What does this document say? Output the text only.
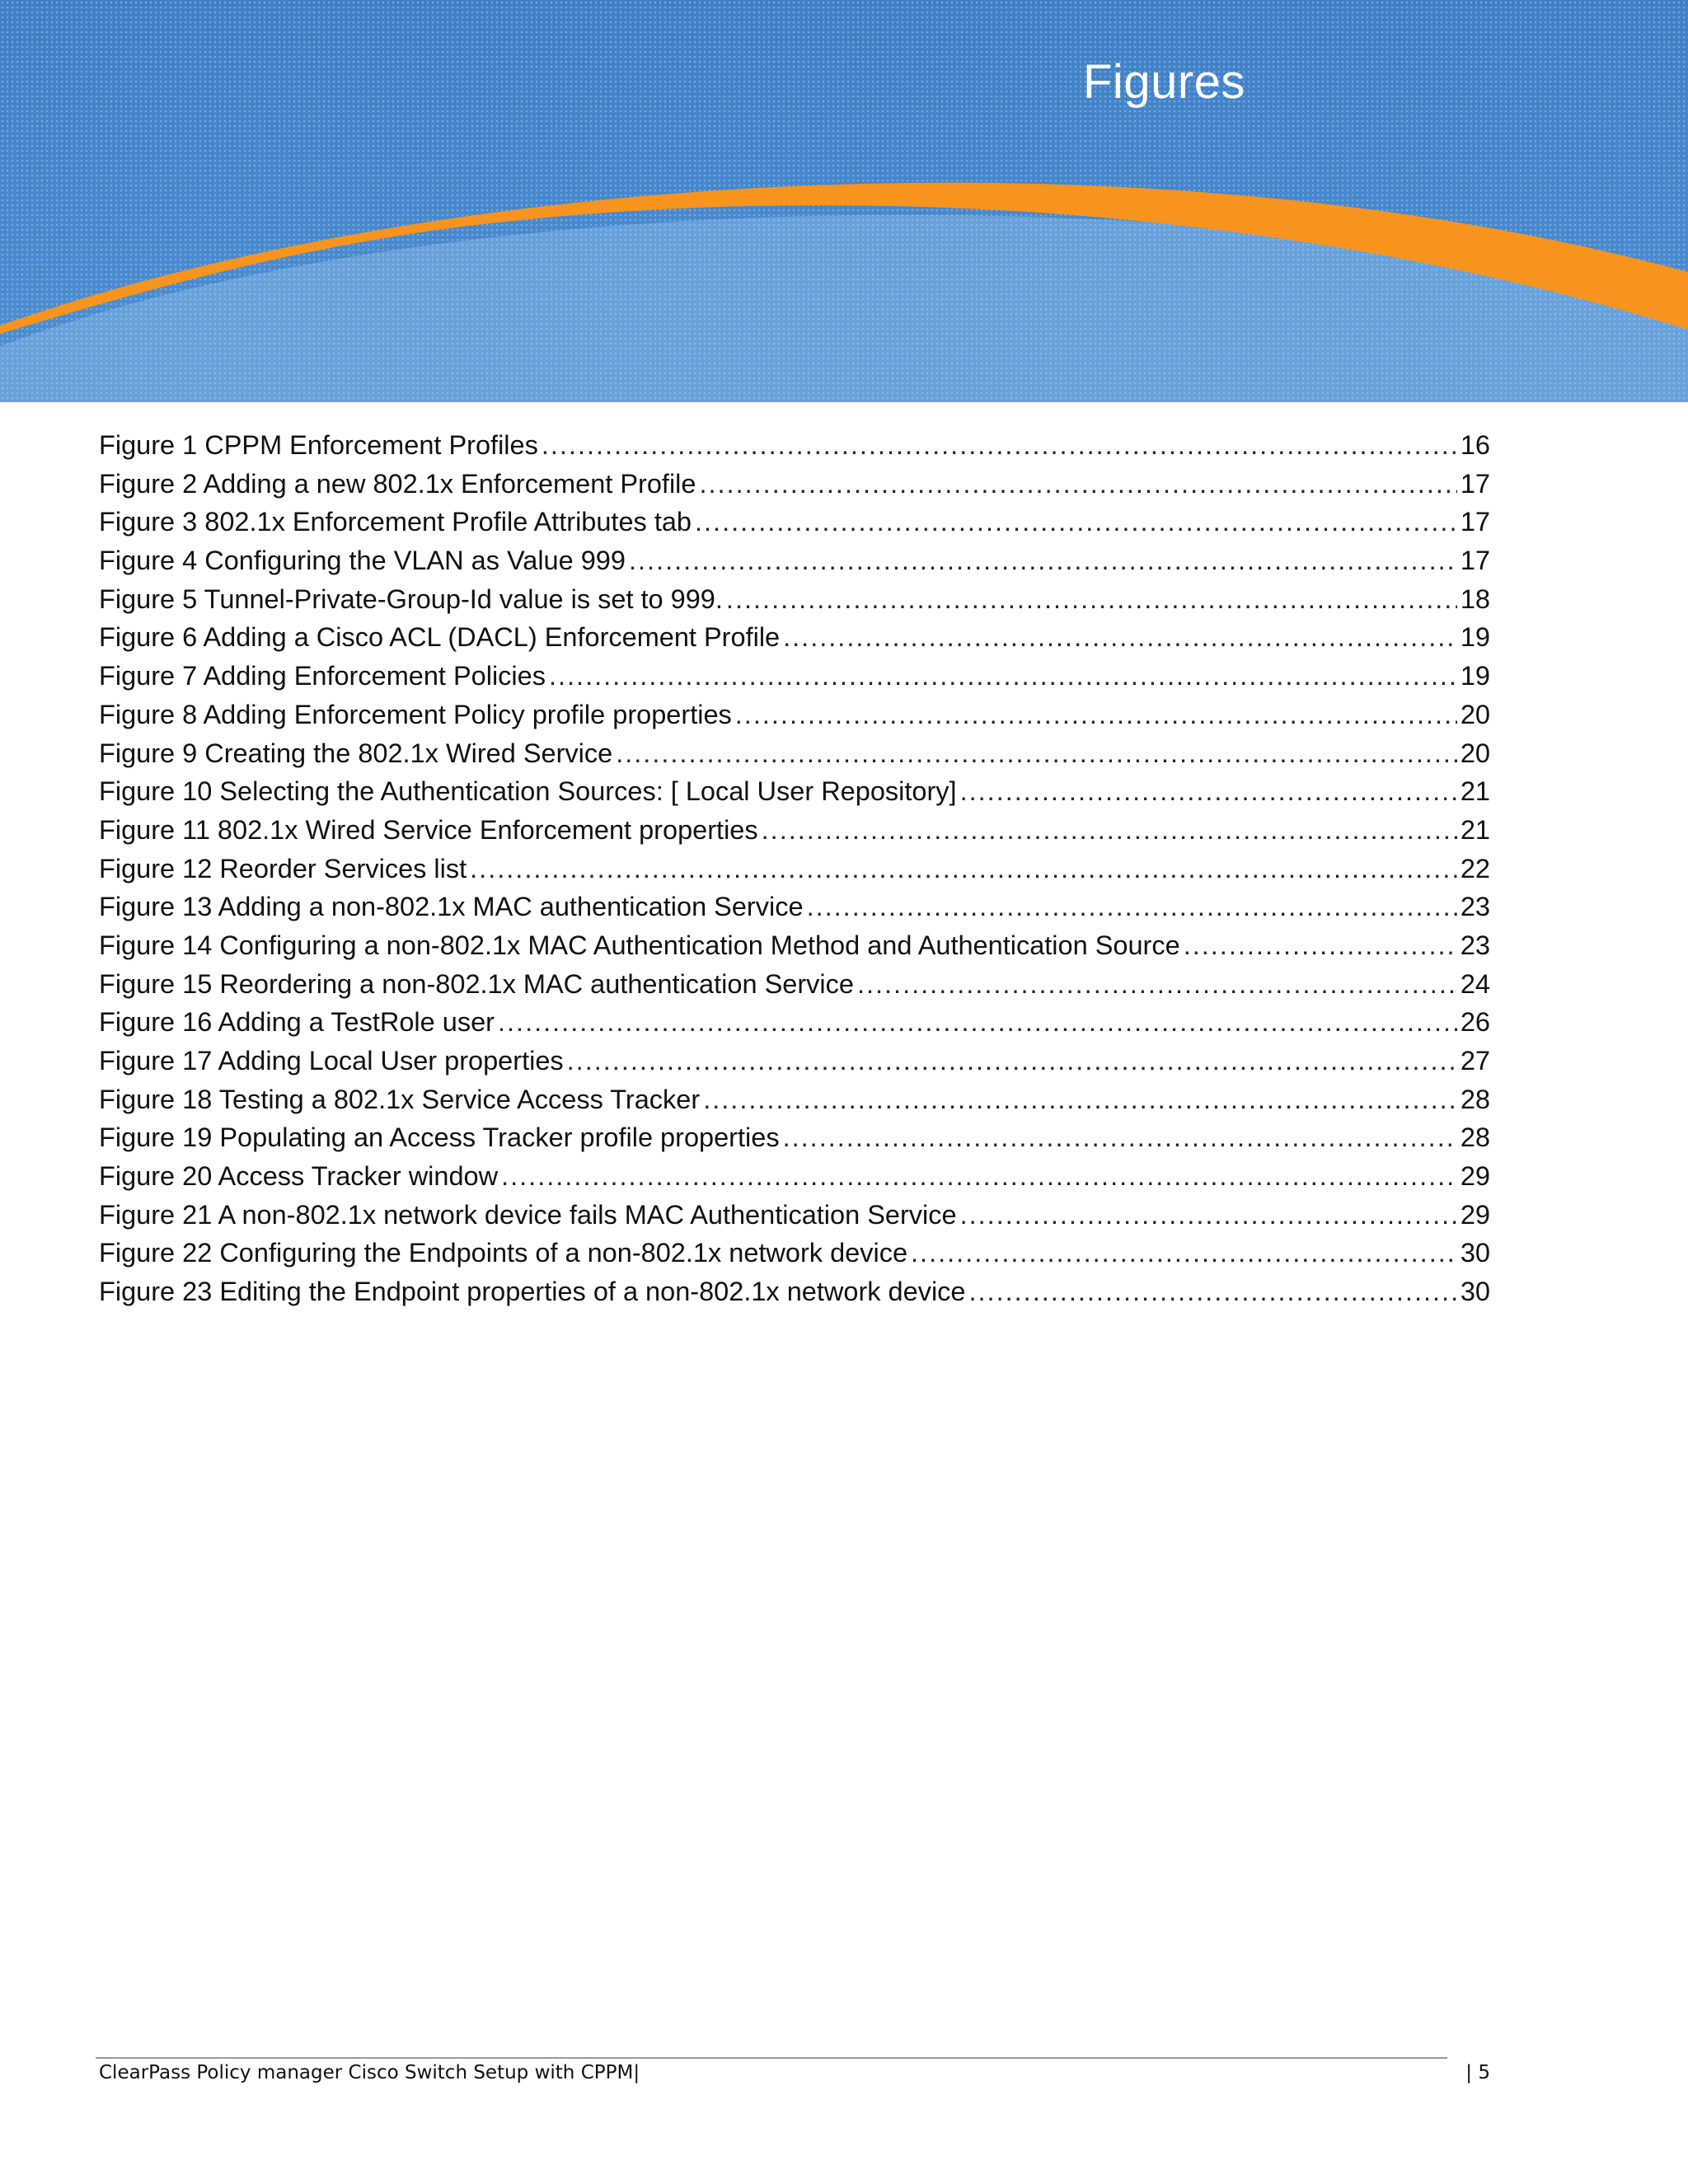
Figures
Figure 1 CPPM Enforcement Profiles .....	16
Figure 2 Adding a new 802.1x Enforcement Profile .....	17
Figure 3 802.1x Enforcement Profile Attributes tab .....	17
Figure 4 Configuring the VLAN as Value 999 .....	17
Figure 5 Tunnel-Private-Group-Id value is set to 999. .....	18
Figure 6 Adding a Cisco ACL (DACL) Enforcement Profile .....	19
Figure 7 Adding Enforcement Policies .....	19
Figure 8 Adding Enforcement Policy profile properties .....	20
Figure 9 Creating the 802.1x Wired Service .....	20
Figure 10 Selecting the Authentication Sources: [ Local User Repository] .....	21
Figure 11 802.1x Wired Service Enforcement properties .....	21
Figure 12 Reorder Services list .....	22
Figure 13 Adding a non-802.1x MAC authentication Service .....	23
Figure 14 Configuring a non-802.1x MAC Authentication Method and Authentication Source .....	23
Figure 15 Reordering a non-802.1x MAC authentication Service .....	24
Figure 16 Adding a TestRole user .....	26
Figure 17 Adding Local User properties .....	27
Figure 18 Testing a 802.1x Service Access Tracker .....	28
Figure 19 Populating an Access Tracker profile properties .....	28
Figure 20 Access Tracker window .....	29
Figure 21 A non-802.1x network device fails MAC Authentication Service .....	29
Figure 22 Configuring the Endpoints of a non-802.1x network device .....	30
Figure 23 Editing the Endpoint properties of a non-802.1x network device .....	30
ClearPass Policy manager Cisco Switch Setup with CPPM|	| 5
